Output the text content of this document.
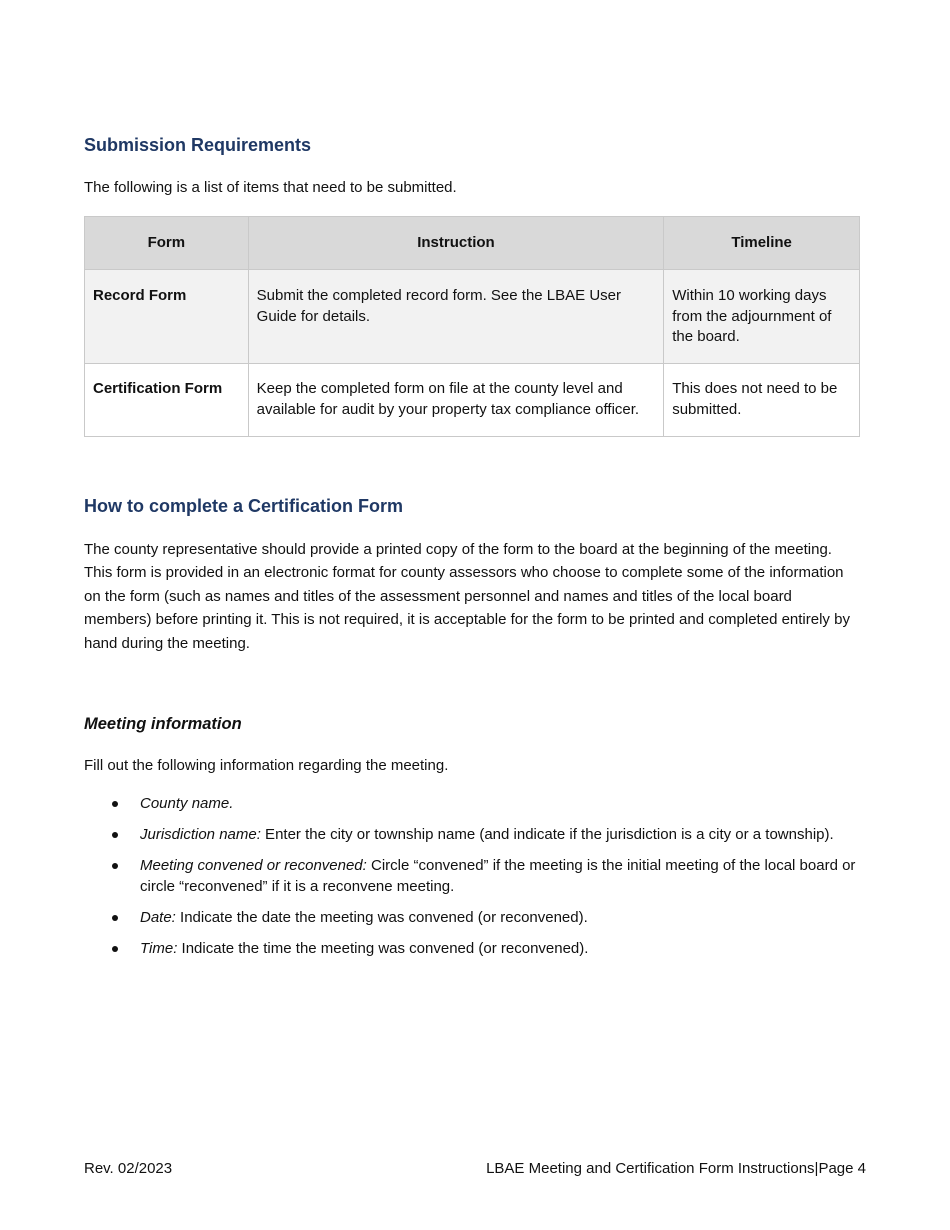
Submission Requirements

The following is a list of items that need to be submitted.

Form	Instruction	Timeline
Record Form	Submit the completed record form. See the LBAE User Guide for details.	Within 10 working days from the adjournment of the board.
Certification Form	Keep the completed form on file at the county level and available for audit by your property tax compliance officer.	This does not need to be submitted.
How to complete a Certification Form

The county representative should provide a printed copy of the form to the board at the beginning of the meeting. This form is provided in an electronic format for county assessors who choose to complete some of the information on the form (such as names and titles of the assessment personnel and names and titles of the local board members) before printing it. This is not required, it is acceptable for the form to be printed and completed entirely by hand during the meeting.

Meeting information

Fill out the following information regarding the meeting.

County name.
Jurisdiction name: Enter the city or township name (and indicate if the jurisdiction is a city or a township).
Meeting convened or reconvened: Circle “convened” if the meeting is the initial meeting of the local board or circle “reconvened” if it is a reconvene meeting.
Date: Indicate the date the meeting was convened (or reconvened).
Time: Indicate the time the meeting was convened (or reconvened).
Rev. 02/2023	LBAE Meeting and Certification Form Instructions|Page 4
